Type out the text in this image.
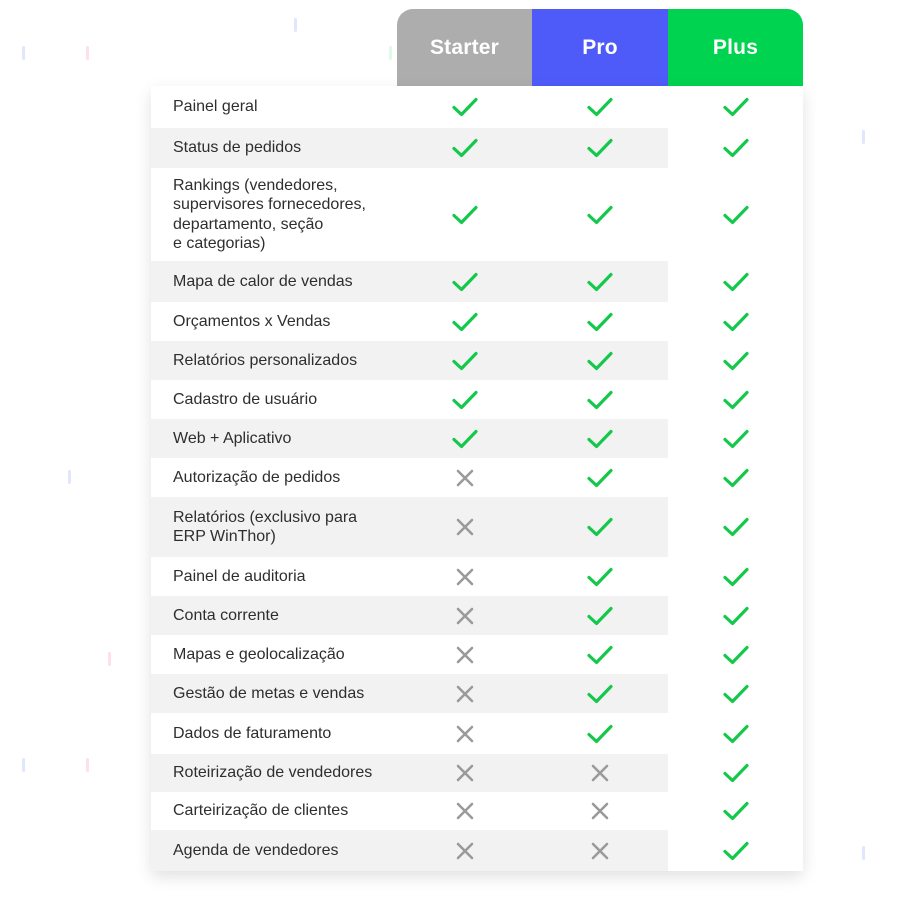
Starter	Pro	Plus
Painel geral
Status de pedidos
Rankings (vendedores,
supervisores fornecedores,
departamento, seção
e categorias)
Mapa de calor de vendas
Orçamentos x Vendas
Relatórios personalizados
Cadastro de usuário
Web + Aplicativo
Autorização de pedidos
Relatórios (exclusivo para
ERP WinThor)
Painel de auditoria
Conta corrente
Mapas e geolocalização
Gestão de metas e vendas
Dados de faturamento
Roteirização de vendedores
Carteirização de clientes
Agenda de vendedores
